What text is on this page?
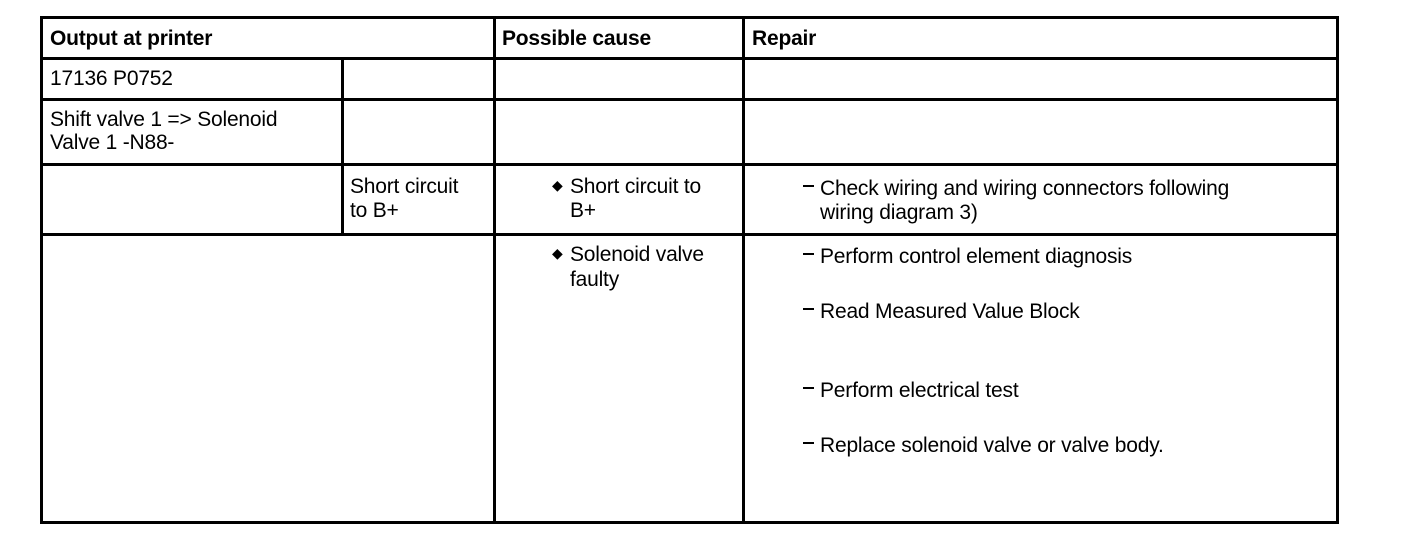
Output at printer	Possible cause	Repair
17136 P0752
Shift valve 1 => Solenoid
Valve 1 -N88-
Short circuit
to B+
◆ Short circuit to
B+
Check wiring and wiring connectors following
wiring diagram 3)
◆ Solenoid valve
faulty
Perform control element diagnosis
Read Measured Value Block
Perform electrical test
Replace solenoid valve or valve body.
